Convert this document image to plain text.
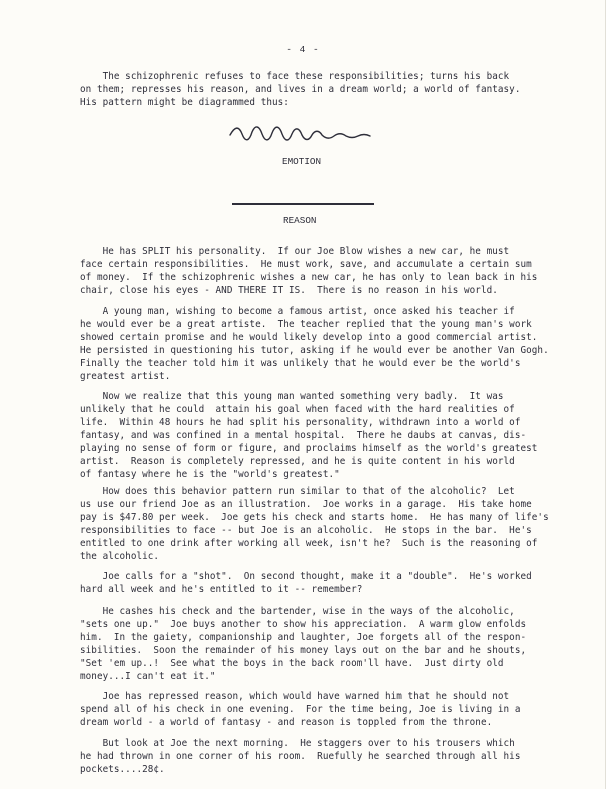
- 4 -
The schizophrenic refuses to face these responsibilities; turns his back
on them; represses his reason, and lives in a dream world; a world of fantasy.
His pattern might be diagrammed thus:
EMOTION
REASON
He has SPLIT his personality.  If our Joe Blow wishes a new car, he must
face certain responsibilities.  He must work, save, and accumulate a certain sum
of money.  If the schizophrenic wishes a new car, he has only to lean back in his
chair, close his eyes - AND THERE IT IS.  There is no reason in his world.
A young man, wishing to become a famous artist, once asked his teacher if
he would ever be a great artiste.  The teacher replied that the young man's work
showed certain promise and he would likely develop into a good commercial artist.
He persisted in questioning his tutor, asking if he would ever be another Van Gogh.
Finally the teacher told him it was unlikely that he would ever be the world's
greatest artist.
Now we realize that this young man wanted something very badly.  It was
unlikely that he could  attain his goal when faced with the hard realities of
life.  Within 48 hours he had split his personality, withdrawn into a world of
fantasy, and was confined in a mental hospital.  There he daubs at canvas, dis-
playing no sense of form or figure, and proclaims himself as the world's greatest
artist.  Reason is completely repressed, and he is quite content in his world
of fantasy where he is the "world's greatest."
How does this behavior pattern run similar to that of the alcoholic?  Let
us use our friend Joe as an illustration.  Joe works in a garage.  His take home
pay is $47.80 per week.  Joe gets his check and starts home.  He has many of life's
responsibilities to face -- but Joe is an alcoholic.  He stops in the bar.  He's
entitled to one drink after working all week, isn't he?  Such is the reasoning of
the alcoholic.
Joe calls for a "shot".  On second thought, make it a "double".  He's worked
hard all week and he's entitled to it -- remember?
He cashes his check and the bartender, wise in the ways of the alcoholic,
"sets one up."  Joe buys another to show his appreciation.  A warm glow enfolds
him.  In the gaiety, companionship and laughter, Joe forgets all of the respon-
sibilities.  Soon the remainder of his money lays out on the bar and he shouts,
"Set 'em up..!  See what the boys in the back room'll have.  Just dirty old
money...I can't eat it."
Joe has repressed reason, which would have warned him that he should not
spend all of his check in one evening.  For the time being, Joe is living in a
dream world - a world of fantasy - and reason is toppled from the throne.
But look at Joe the next morning.  He staggers over to his trousers which
he had thrown in one corner of his room.  Ruefully he searched through all his
pockets....28¢.
